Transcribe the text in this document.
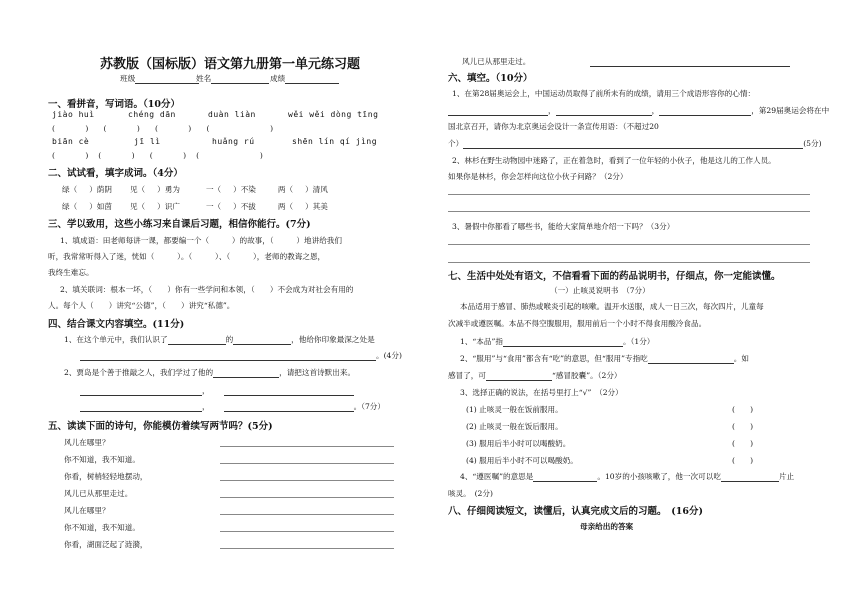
苏教版（国标版）语文第九册第一单元练习题
班级	姓名	成绩
一、看拼音，写词语。（10分）
jiào huì	chéng dān	duàn liàn	wěi wěi dòng tīng
(　　　　)　　(　　　　)　　(　　　　)　　(　　　　　　　　)
biān cè	jī lì	huǎng rú	shēn lín qí jìng
(　　　　)　 (　　　　)　　(　　　　)　 (　　　　　　　　)
二、试试看，填字成词。（4分）
绿（ ）荫阴 见（ ）勇为	一（ ）不染	两（ ）清风
绿（ ）如茵 见（ ）识广	一（ ）不拔	两（ ）其美
三、学以致用，这些小练习来自课后习题，相信你能行。(7分)
1、填成语：田老师每讲一课，都要编一个（　　　）的故事，（　　　）地讲给我们
听，我常常听得入了迷，恍如（　　　）。（　　　）、（　　　），老师的教诲之恩，
我终生难忘。
2、填关联词：根本一坏，（　　）你有一些学问和本领，（　　）不会成为对社会有用的
人。每个人（　　）讲究“公德”，（　　）讲究“私德”。
四、结合课文内容填空。(11分)
1、在这个单元中，我们认识了	的	，他给你印象最深之处是
。(4分)
2、贾岛是个善于推敲之人，我们学过了他的	，请把这首诗默出来。
，
，	。（7分）
五、读读下面的诗句，你能模仿着续写两节吗？(5分)
风儿在哪里？
你不知道，我不知道。
你看，树梢轻轻地摆动，
风儿已从那里走过。
风儿在哪里？
你不知道，我不知道。
你看，湖面泛起了涟漪，
风儿已从那里走过。
六、填空。（10分）
1、在第28届奥运会上，中国运动员取得了前所未有的成绩，请用三个成语形容你的心情：
，	，	，第29届奥运会将在中
国北京召开，请你为北京奥运会设计一条宣传用语：（不超过20
个）	(5分)
2、林杉在野生动物园中迷路了，正在着急时，看到了一位年轻的小伙子，他是这儿的工作人员。
如果你是林杉，你会怎样向这位小伙子问路？（2分）
3、暑假中你都看了哪些书，能给大家简单地介绍一下吗？（3分）
七、生活中处处有语文，不信看看下面的药品说明书，仔细点，你一定能读懂。
（一）止咳灵说明书　（7分）
本品适用于感冒、肺热或喉炎引起的咳嗽。温开水送服，成人一日三次，每次四片，儿童每
次减半或遵医嘱。本品不得空腹服用，服用前后一个小时不得食用酸冷食品。
1、“本品”指	。（1分）
2、“服用”与“食用”都含有“吃”的意思，但“服用”专指吃	。如
感冒了，可	“感冒胶囊”。（2分）
3、选择正确的说法，在括号里打上“√”　（2分）
(1) 止咳灵一般在饭前服用。	(　　)
(2) 止咳灵一般在饭后服用。	(　　)
(3) 服用后半小时可以喝酸奶。	(　　)
(4) 服用后半小时不可以喝酸奶。	(　　)
4、“遵医嘱”的意思是	。10岁的小孩咳嗽了，他一次可以吃	片止
咳灵。　(2分)
八、仔细阅读短文，读懂后，认真完成文后的习题。　(16分)
母亲给出的答案
